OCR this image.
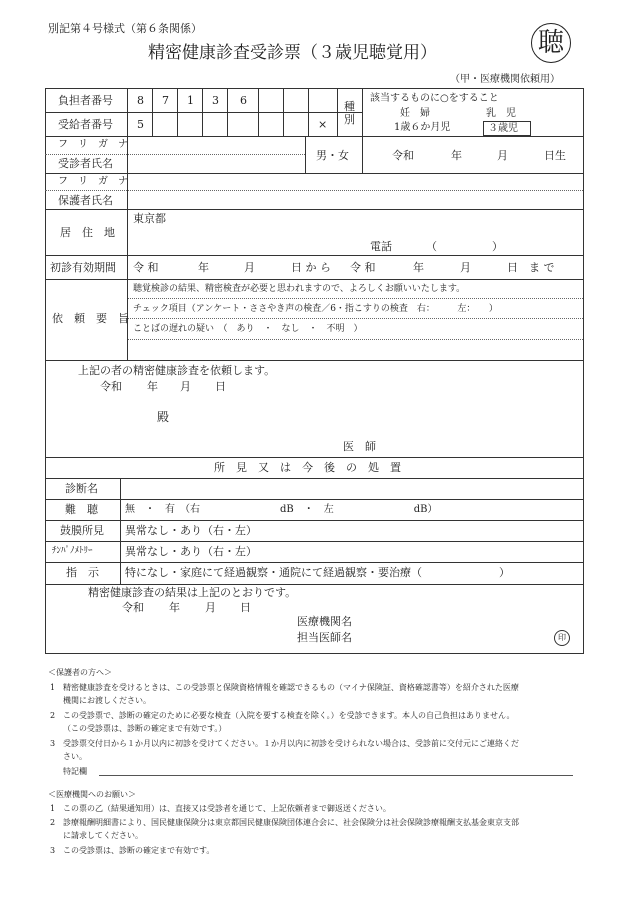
別記第４号様式（第６条関係）
精密健康診査受診票（３歳児聴覚用）	聴
（甲・医療機関依頼用）
負担者番号 8 7 1 3 6
受給者番号 5	×
種別
該当するものに○をすること
妊　婦	乳　児
1歳６か月児	３歳児
フ　リ　ガ　ナ
受診者氏名
男・女	令和	年	月	日生
フ　リ　ガ　ナ
保護者氏名
居　住　地
東京都
電話	（	）
初診有効期間 令 和	年	月	日 か ら 令 和	年	月	日　ま で
依　頼　要　旨
聴覚検診の結果、精密検査が必要と思われますので、よろしくお願いいたします。
チェック項目（アンケート・ささやき声の検査／6・指こすりの検査　右：　　　左：　　）
ことばの遅れの疑い　（　あり　・　なし　・　不明　）
上記の者の精密健康診査を依頼します。
令和 年 月 日
殿
医　師
所　見　又　は　今　後　の　処　置
診断名
難　聴	無　・　有　（右　　　　　　　　dB　・　左　　　　　　　　dB）
鼓膜所見 異常なし・あり（右・左）
ﾁﾝﾊﾟﾉﾒﾄﾘｰ	異常なし・あり（右・左）
指　示 特になし・家庭にて経過観察・通院にて経過観察・要治療（　　　　　　　）
精密健康診査の結果は上記のとおりです。
令和 年 月 日
医療機関名
担当医師名	印
＜保護者の方へ＞
1 精密健康診査を受けるときは、この受診票と保険資格情報を確認できるもの（マイナ保険証、資格確認書等）を紹介された医療
機関にお渡しください。
2 この受診票で、診断の確定のために必要な検査（入院を要する検査を除く。）を受診できます。本人の自己負担はありません。
（この受診票は、診断の確定まで有効です。）
3 受診票交付日から１か月以内に初診を受けてください。１か月以内に初診を受けられない場合は、受診前に交付元にご連絡くだ
さい。
特記欄
＜医療機関へのお願い＞
1 この票の乙（結果通知用）は、直接又は受診者を通じて、上記依頼者まで御返送ください。
2 診療報酬明細書により、国民健康保険分は東京都国民健康保険団体連合会に、社会保険分は社会保険診療報酬支払基金東京支部
に請求してください。
3 この受診票は、診断の確定まで有効です。
